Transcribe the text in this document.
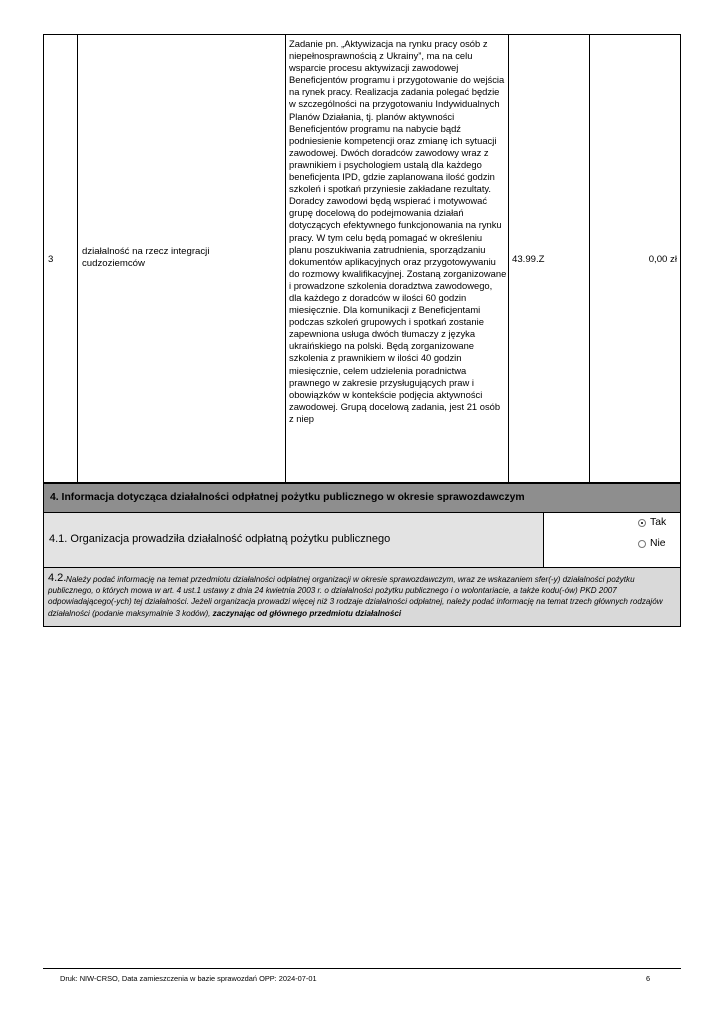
3
działalność na rzecz integracji cudzoziemców
Zadanie pn. „Aktywizacja na rynku pracy osób z niepełnosprawnością z Ukrainy”, ma na celu wsparcie procesu aktywizacji zawodowej Beneficjentów programu i przygotowanie do wejścia na rynek pracy. Realizacja zadania polegać będzie w szczególności na przygotowaniu Indywidualnych Planów Działania, tj. planów aktywności Beneficjentów programu na nabycie bądź podniesienie kompetencji oraz zmianę ich sytuacji zawodowej. Dwóch doradców zawodowy wraz z prawnikiem i psychologiem ustalą dla każdego beneficjenta IPD, gdzie zaplanowana ilość godzin szkoleń i spotkań przyniesie zakładane rezultaty. Doradcy zawodowi będą wspierać i motywować grupę docelową do podejmowania działań dotyczących efektywnego funkcjonowania na rynku pracy. W tym celu będą pomagać w określeniu planu poszukiwania zatrudnienia, sporządzaniu dokumentów aplikacyjnych oraz przygotowywaniu do rozmowy kwalifikacyjnej. Zostaną zorganizowane i prowadzone szkolenia doradztwa zawodowego, dla każdego z doradców w ilości 60 godzin miesięcznie. Dla komunikacji z Beneficjentami podczas szkoleń grupowych i spotkań zostanie zapewniona usługa dwóch tłumaczy z języka ukraińskiego na polski. Będą zorganizowane szkolenia z prawnikiem w ilości 40 godzin miesięcznie, celem udzielenia poradnictwa prawnego w zakresie przysługujących praw i obowiązków w kontekście podjęcia aktywności zawodowej. Grupą docelową zadania, jest 21 osób z niep
43.99.Z	0,00 zł
4. Informacja dotycząca działalności odpłatnej pożytku publicznego w okresie sprawozdawczym
4.1. Organizacja prowadziła działalność odpłatną pożytku publicznego
Tak
Nie
4.2. Należy podać informację na temat przedmiotu działalności odpłatnej organizacji w okresie sprawozdawczym, wraz ze wskazaniem sfer(-y) działalności pożytku publicznego, o których mowa w art. 4 ust.1 ustawy z dnia 24 kwietnia 2003 r. o działalności pożytku publicznego i o wolontariacie, a także kodu(-ów) PKD 2007 odpowiadającego(-ych) tej działalności. Jeżeli organizacja prowadzi więcej niż 3 rodzaje działalności odpłatnej, należy podać informację na temat trzech głównych rodzajów działalności (podanie maksymalnie 3 kodów), zaczynając od głównego przedmiotu działalności
Druk: NIW-CRSO, Data zamieszczenia w bazie sprawozdań OPP: 2024-07-01	6
